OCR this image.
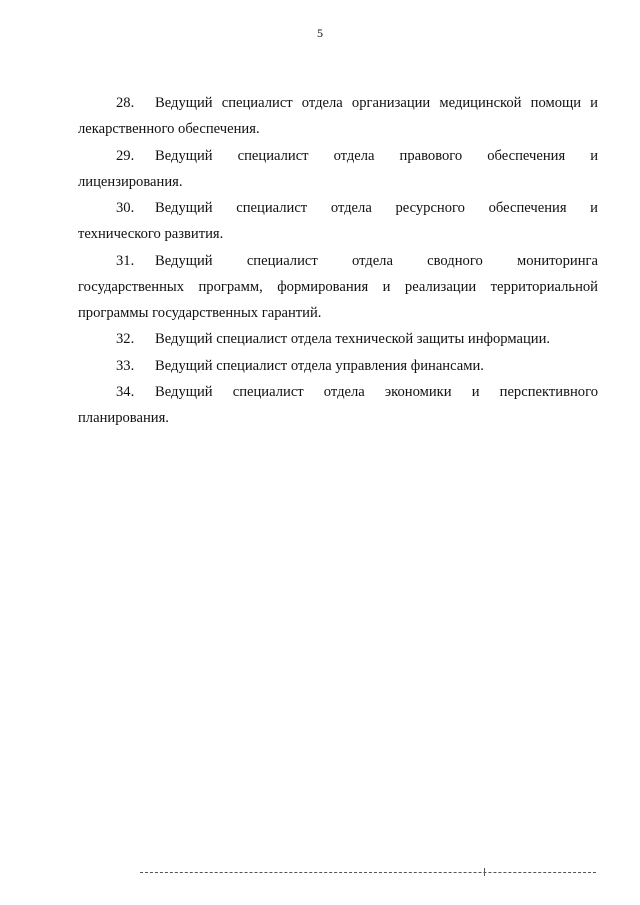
5
28. Ведущий специалист отдела организации медицинской помощи и
лекарственного обеспечения.
29. Ведущий специалист отдела правового обеспечения и
лицензирования.
30. Ведущий специалист отдела ресурсного обеспечения и
технического развития.
31. Ведущий специалист отдела сводного мониторинга
государственных программ, формирования и реализации территориальной
программы государственных гарантий.
32. Ведущий специалист отдела технической защиты информации.
33. Ведущий специалист отдела управления финансами.
34. Ведущий специалист отдела экономики и перспективного
планирования.
